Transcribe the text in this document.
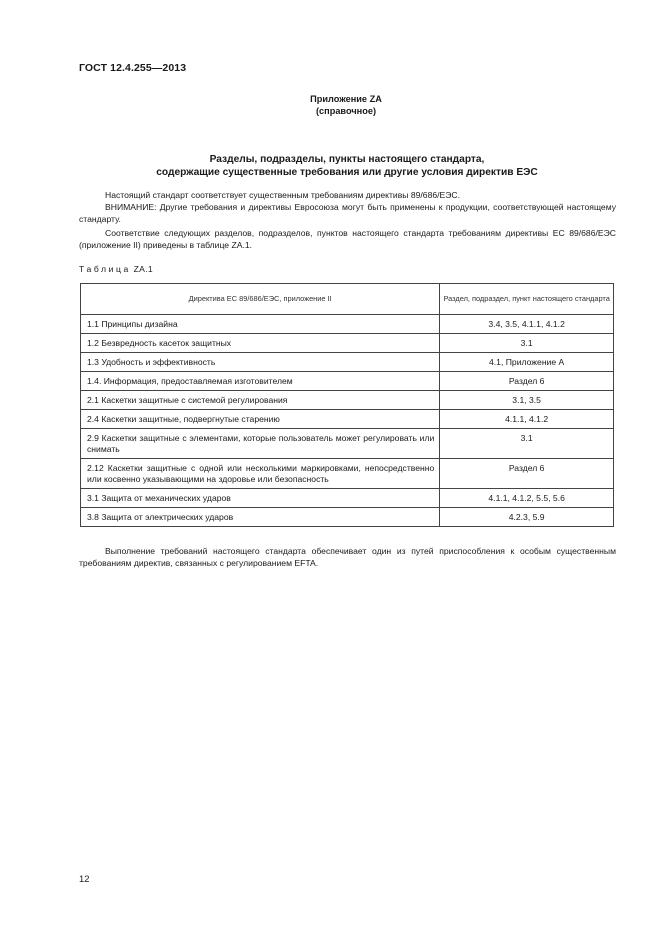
ГОСТ 12.4.255—2013
Приложение ZA
(справочное)
Разделы, подразделы, пункты настоящего стандарта,
содержащие существенные требования или другие условия директив ЕЭС

Настоящий стандарт соответствует существенным требованиям директивы 89/686/ЕЭС.

ВНИМАНИЕ: Другие требования и директивы Евросоюза могут быть применены к продукции, соответствующей настоящему стандарту.

Соответствие следующих разделов, подразделов, пунктов настоящего стандарта требованиям директивы ЕС 89/686/ЕЭС (приложение II) приведены в таблице ZA.1.

Таблица ZA.1
Директива ЕС 89/686/ЕЭС, приложение II	Раздел, подраздел, пункт настоящего стандарта
1.1 Принципы дизайна	3.4, 3.5, 4.1.1, 4.1.2
1.2 Безвредность касеток защитных	3.1
1.3 Удобность и эффективность	4.1, Приложение А
1.4. Информация, предоставляемая изготовителем	Раздел 6
2.1 Каскетки защитные с системой регулирования	3.1, 3.5
2.4 Каскетки защитные, подвергнутые старению	4.1.1, 4.1.2
2.9 Каскетки защитные с элементами, которые пользователь может регулировать или снимать	3.1
2.12 Каскетки защитные с одной или несколькими маркировками, непосредственно или косвенно указывающими на здоровье или безопасность	Раздел 6
3.1 Защита от механических ударов	4.1.1, 4.1.2, 5.5, 5.6
3.8 Защита от электрических ударов	4.2.3, 5.9

Выполнение требований настоящего стандарта обеспечивает один из путей приспособления к особым существенным требованиям директив, связанных с регулированием EFTA.

12
